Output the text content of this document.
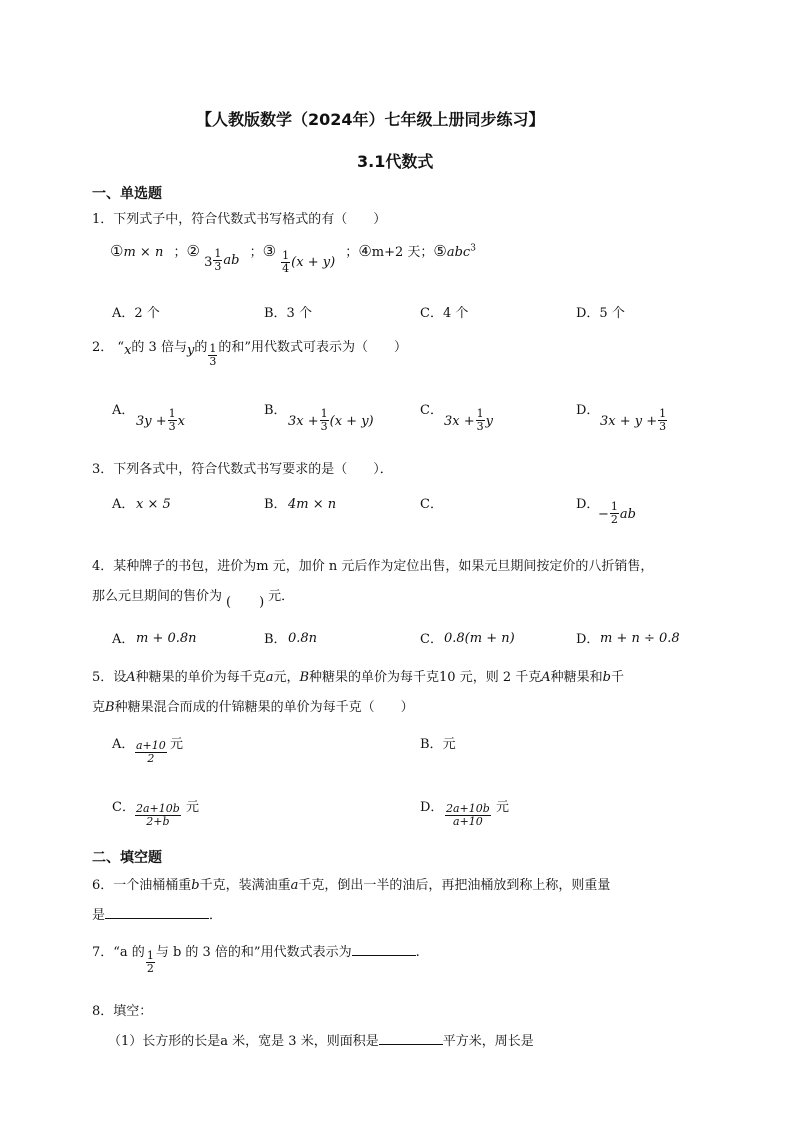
【人教版数学（2024年）七年级上册同步练习】
3.1代数式
一、单选题
1．下列式子中，符合代数式书写格式的有（　　）
①m × n ；② $3 \frac{1}{3}$ ab ；③ $\frac{1}{4} (x + y)$ ；④m+2 天；⑤abc$^3$
A．2 个	B．3 个	C．4 个	D．5 个
2． “x的 3 倍与y的 $\frac{1}{3}$ 的和”用代数式可表示为（　　）
A．
$3y + \frac{1}{3}$ x
B．
$3x + \frac{1}{3} (x + y)$
C．
$3x + \frac{1}{3}$ y
D．
$3x + y + \frac{1}{3}$
3．下列各式中，符合代数式书写要求的是（　　）．
A． x × 5	B． 4m × n	C．	D．
− $\frac{1}{2}$ ab
4．某种牌子的书包，进价为m 元，加价 n 元后作为定位出售，如果元旦期间按定价的八折销售，
那么元旦期间的售价为 ( ) 元．
A． m + 0.8n	B． 0.8n	C． 0.8(m + n)	D． m + n ÷ 0.8
5．设A种糖果的单价为每千克a元，B种糖果的单价为每千克10 元，则 2 千克A种糖果和b千
克B种糖果混合而成的什锦糖果的单价为每千克（　　）
A． $\frac{a+10}{2}$ 元	B．元
C． $\frac{2a+10b}{2+b}$ 元	D． $\frac{2a+10b}{a+10}$ 元
二、填空题
6．一个油桶桶重b千克，装满油重a千克，倒出一半的油后，再把油桶放到称上称，则重量
是	．
7．“a 的 $\frac{1}{2}$ 与 b 的 3 倍的和”用代数式表示为	.
8．填空：
（1）长方形的长是a 米，宽是 3 米，则面积是	平方米，周长是
